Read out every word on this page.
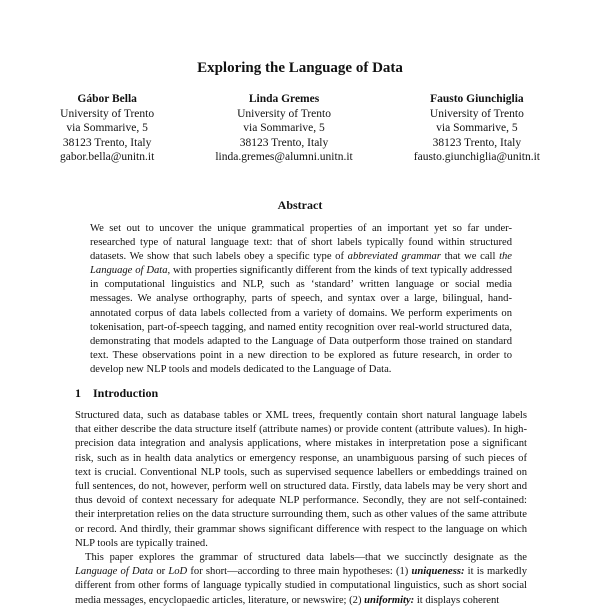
Exploring the Language of Data
Gábor Bella
University of Trento
via Sommarive, 5
38123 Trento, Italy
gabor.bella@unitn.it
Linda Gremes
University of Trento
via Sommarive, 5
38123 Trento, Italy
linda.gremes@alumni.unitn.it
Fausto Giunchiglia
University of Trento
via Sommarive, 5
38123 Trento, Italy
fausto.giunchiglia@unitn.it
Abstract
We set out to uncover the unique grammatical properties of an important yet so far under-researched type of natural language text: that of short labels typically found within structured datasets. We show that such labels obey a specific type of abbreviated grammar that we call the Language of Data, with properties significantly different from the kinds of text typically addressed in computational linguistics and NLP, such as ‘standard’ written language or social media messages. We analyse orthography, parts of speech, and syntax over a large, bilingual, hand-annotated corpus of data labels collected from a variety of domains. We perform experiments on tokenisation, part-of-speech tagging, and named entity recognition over real-world structured data, demonstrating that models adapted to the Language of Data outperform those trained on standard text. These observations point in a new direction to be explored as future research, in order to develop new NLP tools and models dedicated to the Language of Data.
1 Introduction

Structured data, such as database tables or XML trees, frequently contain short natural language labels that either describe the data structure itself (attribute names) or provide content (attribute values). In high-precision data integration and analysis applications, where mistakes in interpretation pose a significant risk, such as in health data analytics or emergency response, an unambiguous parsing of such pieces of text is crucial. Conventional NLP tools, such as supervised sequence labellers or embeddings trained on full sentences, do not, however, perform well on structured data. Firstly, data labels may be very short and thus devoid of context necessary for adequate NLP performance. Secondly, they are not self-contained: their interpretation relies on the data structure surrounding them, such as other values of the same attribute or record. And thirdly, their grammar shows significant difference with respect to the language on which NLP tools are typically trained.

This paper explores the grammar of structured data labels—that we succinctly designate as the Language of Data or LoD for short—according to three main hypotheses: (1) uniqueness: it is markedly different from other forms of language typically studied in computational linguistics, such as short social media messages, encyclopaedic articles, literature, or newswire; (2) uniformity: it displays coherent
